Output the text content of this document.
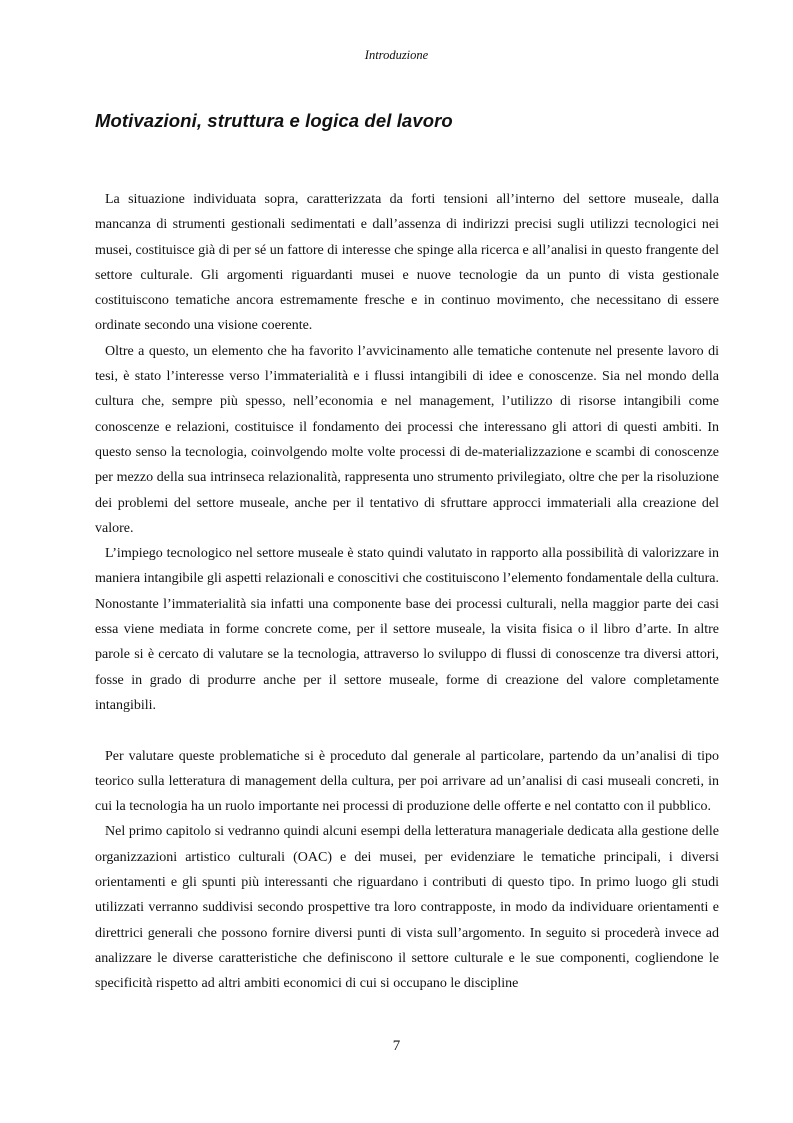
Introduzione
Motivazioni, struttura e logica del lavoro

La situazione individuata sopra, caratterizzata da forti tensioni all’interno del settore museale, dalla mancanza di strumenti gestionali sedimentati e dall’assenza di indirizzi precisi sugli utilizzi tecnologici nei musei, costituisce già di per sé un fattore di interesse che spinge alla ricerca e all’analisi in questo frangente del settore culturale. Gli argomenti riguardanti musei e nuove tecnologie da un punto di vista gestionale costituiscono tematiche ancora estremamente fresche e in continuo movimento, che necessitano di essere ordinate secondo una visione coerente.

Oltre a questo, un elemento che ha favorito l’avvicinamento alle tematiche contenute nel presente lavoro di tesi, è stato l’interesse verso l’immaterialità e i flussi intangibili di idee e conoscenze. Sia nel mondo della cultura che, sempre più spesso, nell’economia e nel management, l’utilizzo di risorse intangibili come conoscenze e relazioni, costituisce il fondamento dei processi che interessano gli attori di questi ambiti. In questo senso la tecnologia, coinvolgendo molte volte processi di de-materializzazione e scambi di conoscenze per mezzo della sua intrinseca relazionalità, rappresenta uno strumento privilegiato, oltre che per la risoluzione dei problemi del settore museale, anche per il tentativo di sfruttare approcci immateriali alla creazione del valore.

L’impiego tecnologico nel settore museale è stato quindi valutato in rapporto alla possibilità di valorizzare in maniera intangibile gli aspetti relazionali e conoscitivi che costituiscono l’elemento fondamentale della cultura. Nonostante l’immaterialità sia infatti una componente base dei processi culturali, nella maggior parte dei casi essa viene mediata in forme concrete come, per il settore museale, la visita fisica o il libro d’arte. In altre parole si è cercato di valutare se la tecnologia, attraverso lo sviluppo di flussi di conoscenze tra diversi attori, fosse in grado di produrre anche per il settore museale, forme di creazione del valore completamente intangibili.

Per valutare queste problematiche si è proceduto dal generale al particolare, partendo da un’analisi di tipo teorico sulla letteratura di management della cultura, per poi arrivare ad un’analisi di casi museali concreti, in cui la tecnologia ha un ruolo importante nei processi di produzione delle offerte e nel contatto con il pubblico.

Nel primo capitolo si vedranno quindi alcuni esempi della letteratura manageriale dedicata alla gestione delle organizzazioni artistico culturali (OAC) e dei musei, per evidenziare le tematiche principali, i diversi orientamenti e gli spunti più interessanti che riguardano i contributi di questo tipo. In primo luogo gli studi utilizzati verranno suddivisi secondo prospettive tra loro contrapposte, in modo da individuare orientamenti e direttrici generali che possono fornire diversi punti di vista sull’argomento. In seguito si procederà invece ad analizzare le diverse caratteristiche che definiscono il settore culturale e le sue componenti, cogliendone le specificità rispetto ad altri ambiti economici di cui si occupano le discipline

7
